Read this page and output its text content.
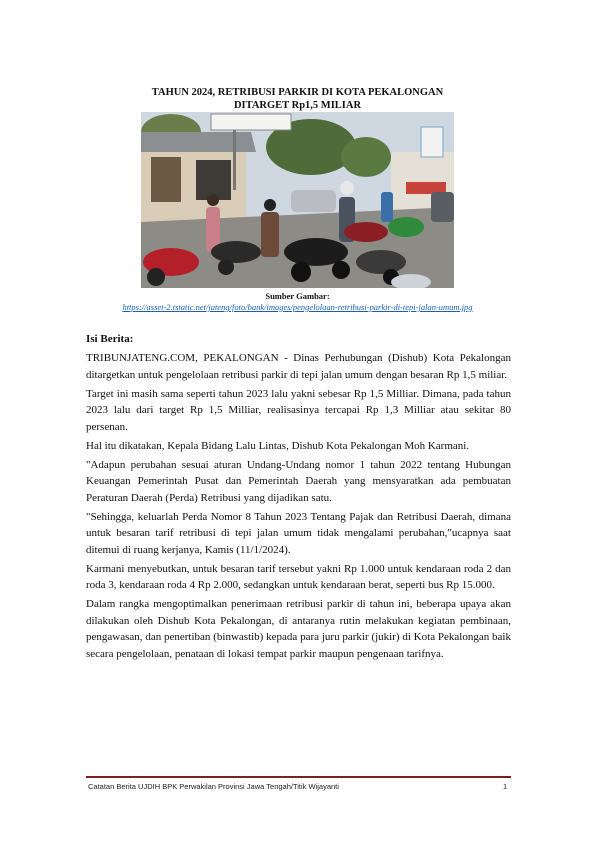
TAHUN 2024, RETRIBUSI PARKIR DI KOTA PEKALONGAN
DITARGET Rp1,5 MILIAR
Sumber Gambar:
https://asset-2.tstatic.net/jateng/foto/bank/images/pengelolaan-retribusi-parkir-di-tepi-jalan-umum.jpg
Isi Berita:

TRIBUNJATENG.COM, PEKALONGAN - Dinas Perhubungan (Dishub) Kota Pekalongan ditargetkan untuk pengelolaan retribusi parkir di tepi jalan umum dengan besaran Rp 1,5 miliar.

Target ini masih sama seperti tahun 2023 lalu yakni sebesar Rp 1,5 Milliar. Dimana, pada tahun 2023 lalu dari target Rp 1,5 Milliar, realisasinya tercapai Rp 1,3 Milliar atau sekitar 80 persenan.

Hal itu dikatakan, Kepala Bidang Lalu Lintas, Dishub Kota Pekalongan Moh Karmani.

"Adapun perubahan sesuai aturan Undang-Undang nomor 1 tahun 2022 tentang Hubungan Keuangan Pemerintah Pusat dan Pemerintah Daerah yang mensyaratkan ada pembuatan Peraturan Daerah (Perda) Retribusi yang dijadikan satu.

"Sehingga, keluarlah Perda Nomor 8 Tahun 2023 Tentang Pajak dan Retribusi Daerah, dimana untuk besaran tarif retribusi di tepi jalan umum tidak mengalami perubahan,"ucapnya saat ditemui di ruang kerjanya, Kamis (11/1/2024).

Karmani menyebutkan, untuk besaran tarif tersebut yakni Rp 1.000 untuk kendaraan roda 2 dan roda 3, kendaraan roda 4 Rp 2.000, sedangkan untuk kendaraan berat, seperti bus Rp 15.000.

Dalam rangka mengoptimalkan penerimaan retribusi parkir di tahun ini, beberapa upaya akan dilakukan oleh Dishub Kota Pekalongan, di antaranya rutin melakukan kegiatan pembinaan, pengawasan, dan penertiban (binwastib) kepada para juru parkir (jukir) di Kota Pekalongan baik secara pengelolaan, penataan di lokasi tempat parkir maupun pengenaan tarifnya.

Catatan Berita UJDIH BPK Perwakilan Provinsi Jawa Tengah/Titik Wijayanti	1
